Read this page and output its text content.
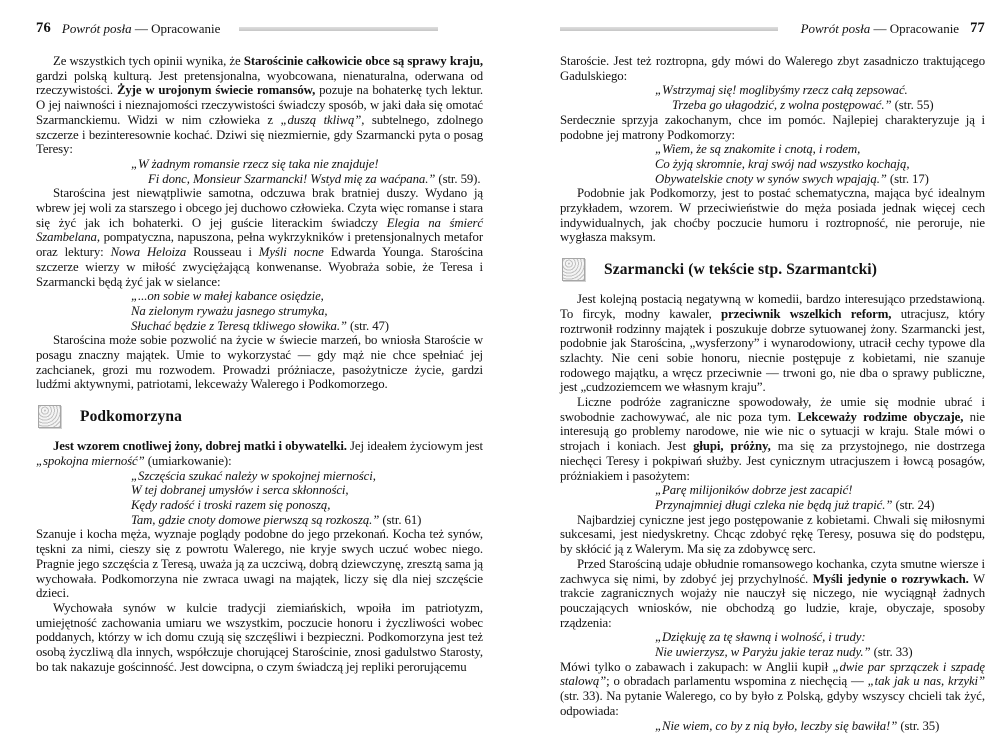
76 Powrót posła — Opracowanie

Ze wszystkich tych opinii wynika, że Starościnie całkowicie obce są sprawy kraju, gardzi polską kulturą. Jest pretensjonalna, wyobcowana, nienaturalna, oderwana od rzeczywistości. Żyje w urojonym świecie romansów, pozuje na bohaterkę tych lektur. O jej naiwności i nieznajomości rzeczywistości świadczy sposób, w jaki dała się omotać Szarmanckiemu. Widzi w nim człowieka z „duszą tkliwą”, subtelnego, zdolnego szczerze i bezinteresownie kochać. Dziwi się niezmiernie, gdy Szarmancki pyta o posag Teresy:

„W żadnym romansie rzecz się taka nie znajduje!
Fi donc, Monsieur Szarmancki! Wstyd mię za waćpana.” (str. 59).

Starościna jest niewątpliwie samotna, odczuwa brak bratniej duszy. Wydano ją wbrew jej woli za starszego i obcego jej duchowo człowieka. Czyta więc romanse i stara się żyć jak ich bohaterki. O jej guście literackim świadczy Elegia na śmierć Szambelana, pompatyczna, napuszona, pełna wykrzykników i pretensjonalnych metafor oraz lektury: Nowa Heloiza Rousseau i Myśli nocne Edwarda Younga. Starościna szczerze wierzy w miłość zwyciężającą konwenanse. Wyobraża sobie, że Teresa i Szarmancki będą żyć jak w sielance:

„...on sobie w małej kabance osiędzie,
Na zielonym ryważu jasnego strumyka,
Słuchać będzie z Teresą tkliwego słowika.” (str. 47)

Starościna może sobie pozwolić na życie w świecie marzeń, bo wniosła Staroście w posagu znaczny majątek. Umie to wykorzystać — gdy mąż nie chce spełniać jej zachcianek, grozi mu rozwodem. Prowadzi próżniacze, pasożytnicze życie, gardzi ludźmi aktywnymi, patriotami, lekceważy Walerego i Podkomorzego.

Podkomorzyna

Jest wzorem cnotliwej żony, dobrej matki i obywatelki. Jej ideałem życiowym jest „spokojna mierność” (umiarkowanie):

„Szczęścia szukać należy w spokojnej mierności,
W tej dobranej umysłów i serca skłonności,
Kędy radość i troski razem się ponoszą,
Tam, gdzie cnoty domowe pierwszą są rozkoszą.” (str. 61)

Szanuje i kocha męża, wyznaje poglądy podobne do jego przekonań. Kocha też synów, tęskni za nimi, cieszy się z powrotu Walerego, nie kryje swych uczuć wobec niego. Pragnie jego szczęścia z Teresą, uważa ją za uczciwą, dobrą dziewczynę, zresztą sama ją wychowała. Podkomorzyna nie zwraca uwagi na majątek, liczy się dla niej szczęście dzieci.

Wychowała synów w kulcie tradycji ziemiańskich, wpoiła im patriotyzm, umiejętność zachowania umiaru we wszystkim, poczucie honoru i życzliwości wobec poddanych, którzy w ich domu czują się szczęśliwi i bezpieczni. Podkomorzyna jest też osobą życzliwą dla innych, współczuje chorującej Starościnie, znosi gadulstwo Starosty, bo tak nakazuje gościnność. Jest dowcipna, o czym świadczą jej repliki perorującemu

Powrót posła — Opracowanie 77

Staroście. Jest też roztropna, gdy mówi do Walerego zbyt zasadniczo traktującego Gadulskiego:

„Wstrzymaj się! moglibyśmy rzecz całą zepsować.
Trzeba go ułagodzić, z wolna postępować.” (str. 55)

Serdecznie sprzyja zakochanym, chce im pomóc. Najlepiej charakteryzuje ją i podobne jej matrony Podkomorzy:

„Wiem, że są znakomite i cnotą, i rodem,
Co żyją skromnie, kraj swój nad wszystko kochają,
Obywatelskie cnoty w synów swych wpajają.” (str. 17)

Podobnie jak Podkomorzy, jest to postać schematyczna, mająca być idealnym przykładem, wzorem. W przeciwieństwie do męża posiada jednak więcej cech indywidualnych, jak choćby poczucie humoru i roztropność, nie peroruje, nie wygłasza maksym.

Szarmancki (w tekście stp. Szarmantcki)

Jest kolejną postacią negatywną w komedii, bardzo interesująco przedstawioną. To fircyk, modny kawaler, przeciwnik wszelkich reform, utracjusz, który roztrwonił rodzinny majątek i poszukuje dobrze sytuowanej żony. Szarmancki jest, podobnie jak Starościna, „wysferzony” i wynarodowiony, utracił cechy typowe dla szlachty. Nie ceni sobie honoru, niecnie postępuje z kobietami, nie szanuje rodowego majątku, a wręcz przeciwnie — trwoni go, nie dba o sprawy publiczne, jest „cudzoziemcem we własnym kraju”.

Liczne podróże zagraniczne spowodowały, że umie się modnie ubrać i swobodnie zachowywać, ale nic poza tym. Lekceważy rodzime obyczaje, nie interesują go problemy narodowe, nie wie nic o sytuacji w kraju. Stale mówi o strojach i koniach. Jest głupi, próżny, ma się za przystojnego, nie dostrzega niechęci Teresy i pokpiwań służby. Jest cynicznym utracjuszem i łowcą posagów, próżniakiem i pasożytem:

„Parę milijoników dobrze jest zacapić!
Przynajmniej długi czleka nie będą już trapić.” (str. 24)

Najbardziej cyniczne jest jego postępowanie z kobietami. Chwali się miłosnymi sukcesami, jest niedyskretny. Chcąc zdobyć rękę Teresy, posuwa się do podstępu, by skłócić ją z Walerym. Ma się za zdobywcę serc.

Przed Starościną udaje obłudnie romansowego kochanka, czyta smutne wiersze i zachwyca się nimi, by zdobyć jej przychylność. Myśli jedynie o rozrywkach. W trakcie zagranicznych wojaży nie nauczył się niczego, nie wyciągnął żadnych pouczających wniosków, nie obchodzą go ludzie, kraje, obyczaje, sposoby rządzenia:

„Dziękuję za tę sławną i wolność, i trudy:
Nie uwierzysz, w Paryżu jakie teraz nudy.” (str. 33)

Mówi tylko o zabawach i zakupach: w Anglii kupił „dwie par sprzączek i szpadę stalową”; o obradach parlamentu wspomina z niechęcią — „tak jak u nas, krzyki” (str. 33). Na pytanie Walerego, co by było z Polską, gdyby wszyscy chcieli tak żyć, odpowiada:

„Nie wiem, co by z nią było, leczby się bawiła!” (str. 35)
